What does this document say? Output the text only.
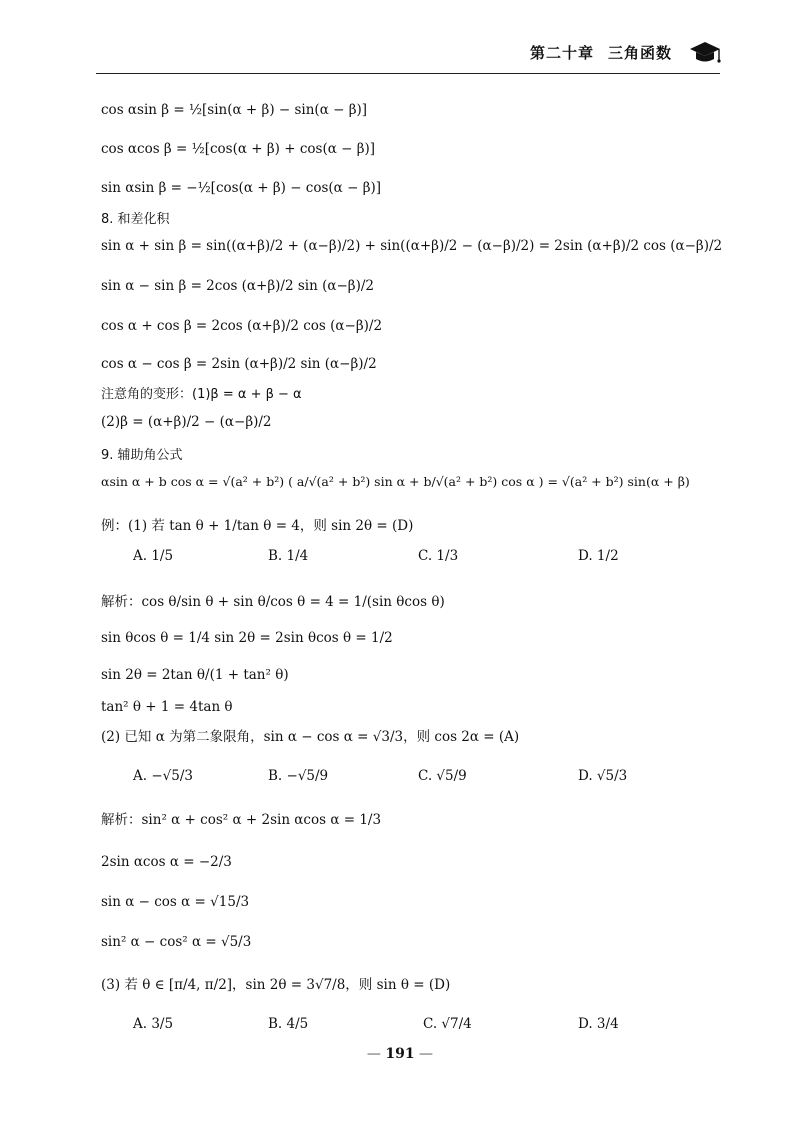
第二十章 三角函数
cos αsin β = ½[sin(α + β) − sin(α − β)]
cos αcos β = ½[cos(α + β) + cos(α − β)]
sin αsin β = −½[cos(α + β) − cos(α − β)]
8. 和差化积
sin α + sin β = sin((α+β)/2 + (α−β)/2) + sin((α+β)/2 − (α−β)/2) = 2sin (α+β)/2 cos (α−β)/2
sin α − sin β = 2cos (α+β)/2 sin (α−β)/2
cos α + cos β = 2cos (α+β)/2 cos (α−β)/2
cos α − cos β = 2sin (α+β)/2 sin (α−β)/2
注意角的变形：(1)β = α + β − α
(2)β = (α+β)/2 − (α−β)/2
9. 辅助角公式
αsin α + b cos α = √(a² + b²) ( a/√(a² + b²) sin α + b/√(a² + b²) cos α ) = √(a² + b²) sin(α + β)
例：(1) 若 tan θ + 1/tan θ = 4，则 sin 2θ = (D)
A. 1/5	B. 1/4	C. 1/3	D. 1/2
解析：cos θ/sin θ + sin θ/cos θ = 4 = 1/(sin θcos θ)
sin θcos θ = 1/4 sin 2θ = 2sin θcos θ = 1/2
sin 2θ = 2tan θ/(1 + tan² θ)
tan² θ + 1 = 4tan θ
(2) 已知 α 为第二象限角，sin α − cos α = √3/3，则 cos 2α = (A)
A. −√5/3	B. −√5/9	C. √5/9	D. √5/3
解析：sin² α + cos² α + 2sin αcos α = 1/3
2sin αcos α = −2/3
sin α − cos α = √15/3
sin² α − cos² α = √5/3
(3) 若 θ ∈ [π/4, π/2]，sin 2θ = 3√7/8，则 sin θ = (D)
A. 3/5	B. 4/5	C. √7/4	D. 3/4
— 191 —
